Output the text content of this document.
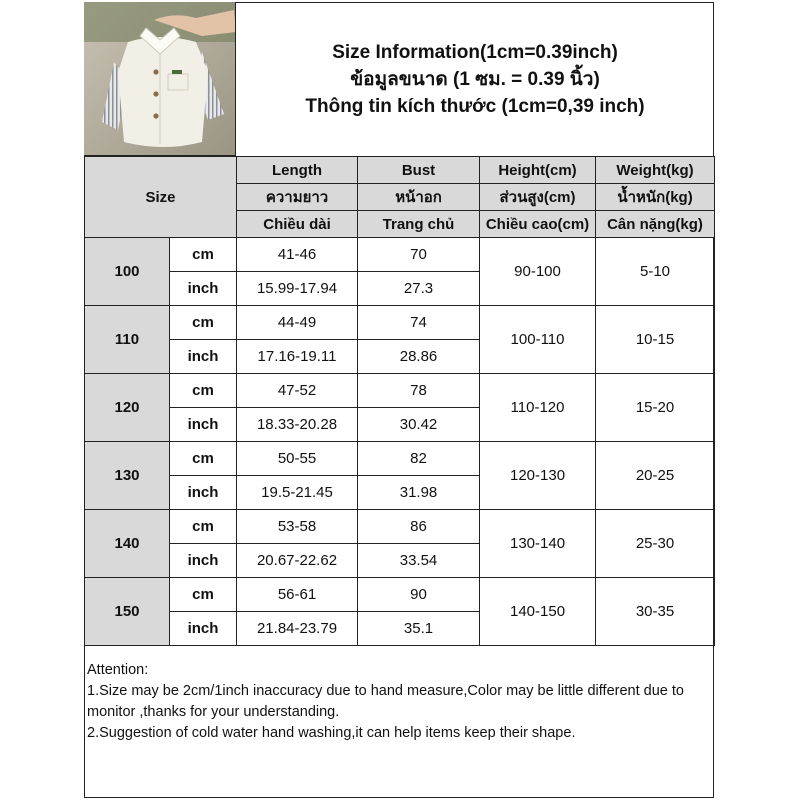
Size Information(1cm=0.39inch)
ข้อมูลขนาด (1 ซม. = 0.39 นิ้ว)
Thông tin kích thước (1cm=0,39 inch)
Size		Length	Bust	Height(cm)	Weight(kg)
		ความยาว	หน้าอก	ส่วนสูง(cm)	น้ำหนัก(kg)
		Chiều dài	Trang chủ	Chiều cao(cm)	Cân nặng(kg)
100	cm	41-46	70	90-100	5-10
	inch	15.99-17.94	27.3		
110	cm	44-49	74	100-110	10-15
	inch	17.16-19.11	28.86		
120	cm	47-52	78	110-120	15-20
	inch	18.33-20.28	30.42		
130	cm	50-55	82	120-130	20-25
	inch	19.5-21.45	31.98		
140	cm	53-58	86	130-140	25-30
	inch	20.67-22.62	33.54		
150	cm	56-61	90	140-150	30-35
	inch	21.84-23.79	35.1		
Attention:
1.Size may be 2cm/1inch inaccuracy due to hand measure,Color may be little different due to monitor ,thanks for your understanding.
2.Suggestion of cold water hand washing,it can help items keep their shape.
